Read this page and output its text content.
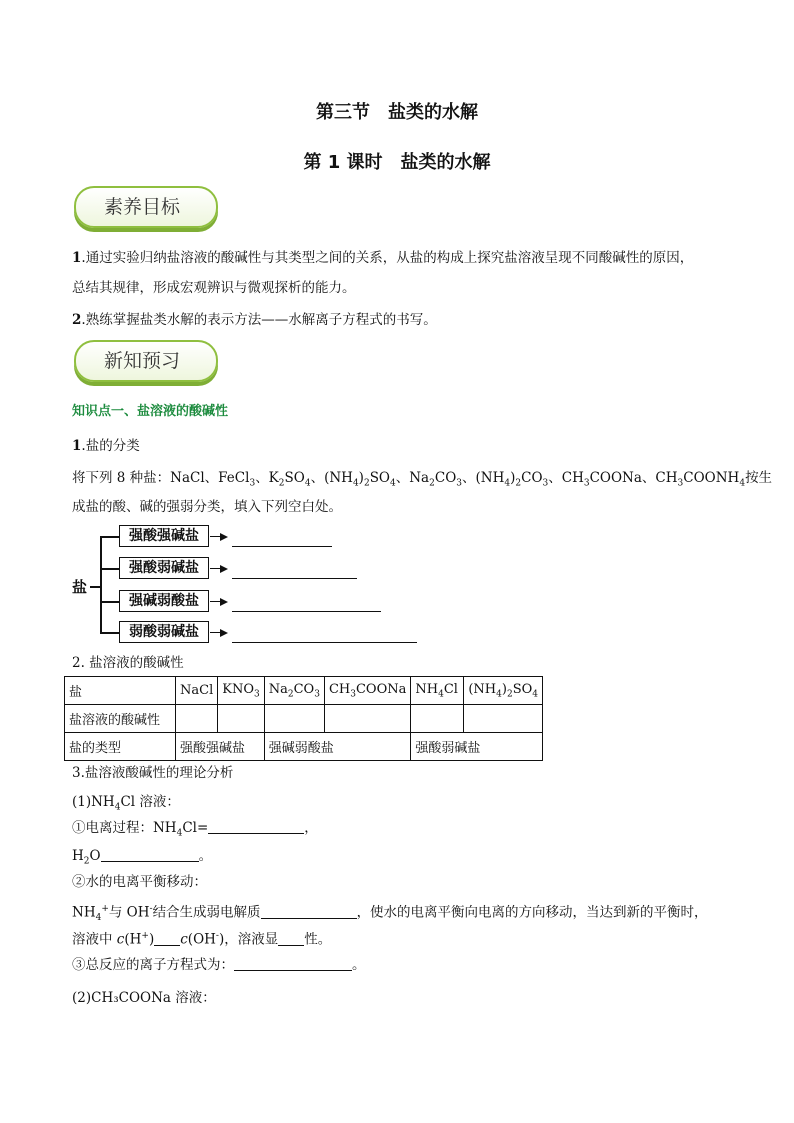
第三节　盐类的水解
第 1 课时　盐类的水解
素养目标
1.通过实验归纳盐溶液的酸碱性与其类型之间的关系，从盐的构成上探究盐溶液呈现不同酸碱性的原因，
总结其规律，形成宏观辨识与微观探析的能力。
2.熟练掌握盐类水解的表示方法——水解离子方程式的书写。
新知预习
知识点一、盐溶液的酸碱性
1.盐的分类
将下列 8 种盐：NaCl、FeCl$_3$、$K_2SO_4$、$(NH_4)_2SO_4$、$Na_2CO_3$、$(NH_4)_2CO_3$、$CH_3COONa$、$CH_3COONH_4$按生
成盐的酸、碱的强弱分类，填入下列空白处。
盐
强酸强碱盐
强酸弱碱盐
强碱弱酸盐
弱酸弱碱盐
2. 盐溶液的酸碱性
盐	NaCl	$KNO_3$	$Na_2CO_3$	$CH_3COONa$	$NH_4Cl$	$(NH_4)_2SO_4$
盐溶液的酸碱性						
盐的类型	强酸强碱盐		强碱弱酸盐		强酸弱碱盐	
3.盐溶液酸碱性的理论分析
$(1)NH_4Cl$ 溶液：
①电离过程：$NH_4Cl=$	，
$H_2O$	。
②水的电离平衡移动：
$NH_4^+$与 OH-结合生成弱电解质	，使水的电离平衡向电离的方向移动，当达到新的平衡时，
溶液中 c(H+) c(OH-)，溶液显 性。
③总反应的离子方程式为：	。
(2)CH₃COONa 溶液：
